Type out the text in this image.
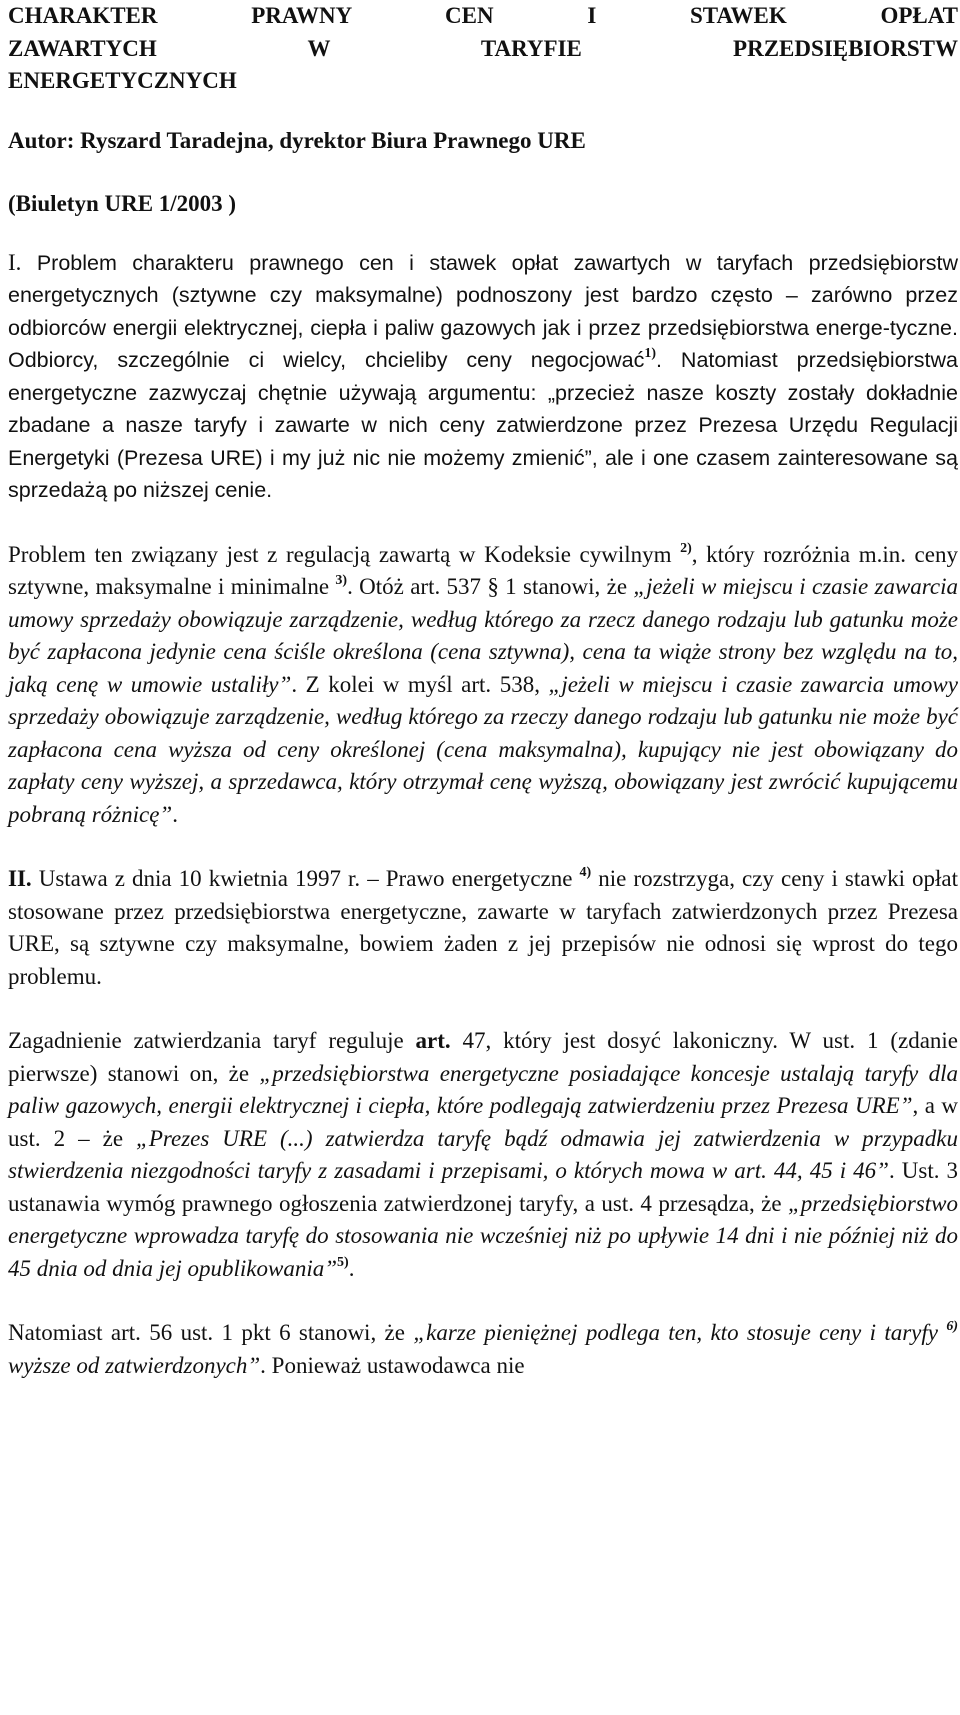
CHARAKTER PRAWNY CEN I STAWEK OPŁAT
ZAWARTYCH W TARYFIE PRZEDSIĘBIORSTW
ENERGETYCZNYCH
Autor: Ryszard Taradejna, dyrektor Biura Prawnego URE
(Biuletyn URE 1/2003 )

I. Problem charakteru prawnego cen i stawek opłat zawartych w taryfach przedsiębiorstw energetycznych (sztywne czy maksymalne) podnoszony jest bardzo często – zarówno przez odbiorców energii elektrycznej, ciepła i paliw gazowych jak i przez przedsiębiorstwa energe-tyczne. Odbiorcy, szczególnie ci wielcy, chcieliby ceny negocjować$^{1)}$. Natomiast przedsiębiorstwa energetyczne zazwyczaj chętnie używają argumentu: „przecież nasze koszty zostały dokładnie zbadane a nasze taryfy i zawarte w nich ceny zatwierdzone przez Prezesa Urzędu Regulacji Energetyki (Prezesa URE) i my już nic nie możemy zmienić”, ale i one czasem zainteresowane są sprzedażą po niższej cenie.

Problem ten związany jest z regulacją zawartą w Kodeksie cywilnym $^{2)}$, który rozróżnia m.in. ceny sztywne, maksymalne i minimalne $^{3)}$. Otóż art. 537 § 1 stanowi, że „jeżeli w miejscu i czasie zawarcia umowy sprzedaży obowiązuje zarządzenie, według którego za rzecz danego rodzaju lub gatunku może być zapłacona jedynie cena ściśle określona (cena sztywna), cena ta wiąże strony bez względu na to, jaką cenę w umowie ustaliły”. Z kolei w myśl art. 538, „jeżeli w miejscu i czasie zawarcia umowy sprzedaży obowiązuje zarządzenie, według którego za rzeczy danego rodzaju lub gatunku nie może być zapłacona cena wyższa od ceny określonej (cena maksymalna), kupujący nie jest obowiązany do zapłaty ceny wyższej, a sprzedawca, który otrzymał cenę wyższą, obowiązany jest zwrócić kupującemu pobraną różnicę”.

II. Ustawa z dnia 10 kwietnia 1997 r. – Prawo energetyczne $^{4)}$ nie rozstrzyga, czy ceny i stawki opłat stosowane przez przedsiębiorstwa energetyczne, zawarte w taryfach zatwierdzonych przez Prezesa URE, są sztywne czy maksymalne, bowiem żaden z jej przepisów nie odnosi się wprost do tego problemu.

Zagadnienie zatwierdzania taryf reguluje art. 47, który jest dosyć lakoniczny. W ust. 1 (zdanie pierwsze) stanowi on, że „przedsiębiorstwa energetyczne posiadające koncesje ustalają taryfy dla paliw gazowych, energii elektrycznej i ciepła, które podlegają zatwierdzeniu przez Prezesa URE”, a w ust. 2 – że „Prezes URE (...) zatwierdza taryfę bądź odmawia jej zatwierdzenia w przypadku stwierdzenia niezgodności taryfy z zasadami i przepisami, o których mowa w art. 44, 45 i 46”. Ust. 3 ustanawia wymóg prawnego ogłoszenia zatwierdzonej taryfy, a ust. 4 przesądza, że „przedsiębiorstwo energetyczne wprowadza taryfę do stosowania nie wcześniej niż po upływie 14 dni i nie później niż do 45 dnia od dnia jej opublikowania”$^{5)}$.

Natomiast art. 56 ust. 1 pkt 6 stanowi, że „karze pieniężnej podlega ten, kto stosuje ceny i taryfy $^{6)}$ wyższe od zatwierdzonych”. Ponieważ ustawodawca nie
